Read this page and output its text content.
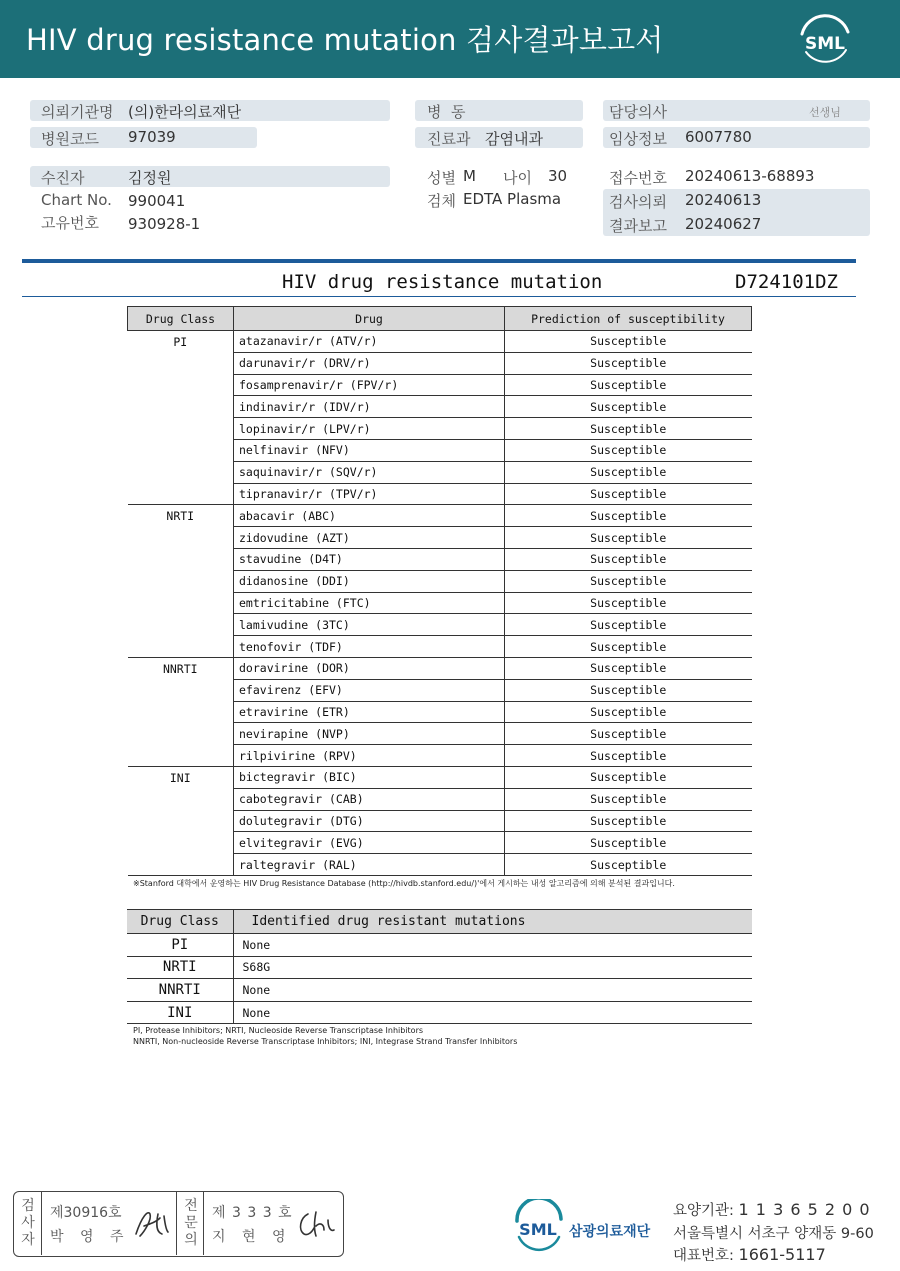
HIV drug resistance mutation 검사결과보고서	SML
의뢰기관명 (의)한라의료재단
병원코드 97039
병  동
진료과 감염내과
담당의사	선생님
임상정보 6007780
수진자	김정원
Chart No. 990041
고유번호 930928-1
성별 M 나이 30
검체 EDTA Plasma
접수번호 20240613-68893
검사의뢰 20240613
결과보고 20240627
HIV drug resistance mutation	D724101DZ
Drug Class	Drug	Prediction of susceptibility
PI	atazanavir/r (ATV/r)	Susceptible
	darunavir/r (DRV/r)	Susceptible
	fosamprenavir/r (FPV/r)	Susceptible
	indinavir/r (IDV/r)	Susceptible
	lopinavir/r (LPV/r)	Susceptible
	nelfinavir (NFV)	Susceptible
	saquinavir/r (SQV/r)	Susceptible
	tipranavir/r (TPV/r)	Susceptible
NRTI	abacavir (ABC)	Susceptible
	zidovudine (AZT)	Susceptible
	stavudine (D4T)	Susceptible
	didanosine (DDI)	Susceptible
	emtricitabine (FTC)	Susceptible
	lamivudine (3TC)	Susceptible
	tenofovir (TDF)	Susceptible
NNRTI	doravirine (DOR)	Susceptible
	efavirenz (EFV)	Susceptible
	etravirine (ETR)	Susceptible
	nevirapine (NVP)	Susceptible
	rilpivirine (RPV)	Susceptible
INI	bictegravir (BIC)	Susceptible
	cabotegravir (CAB)	Susceptible
	dolutegravir (DTG)	Susceptible
	elvitegravir (EVG)	Susceptible
	raltegravir (RAL)	Susceptible
※Stanford 대학에서 운영하는 HIV Drug Resistance Database (http://hivdb.stanford.edu/)'에서 게시하는 내성 알고리즘에 의해 분석된 결과입니다.
Drug Class	Identified drug resistant mutations
PI	None
NRTI	S68G
NNRTI	None
INI	None
PI, Protease Inhibitors; NRTI, Nucleoside Reverse Transcriptase Inhibitors
NNRTI, Non-nucleoside Reverse Transcriptase Inhibitors; INI, Integrase Strand Transfer Inhibitors
검
사
자
제30916호
박 영 주
전
문
의
제 3 3 3 호
지 현 영	SML 삼광의료재단
요양기관: 1 1 3 6 5 2 0 0
서울특별시 서초구 양재동 9-60
대표번호: 1661-5117
